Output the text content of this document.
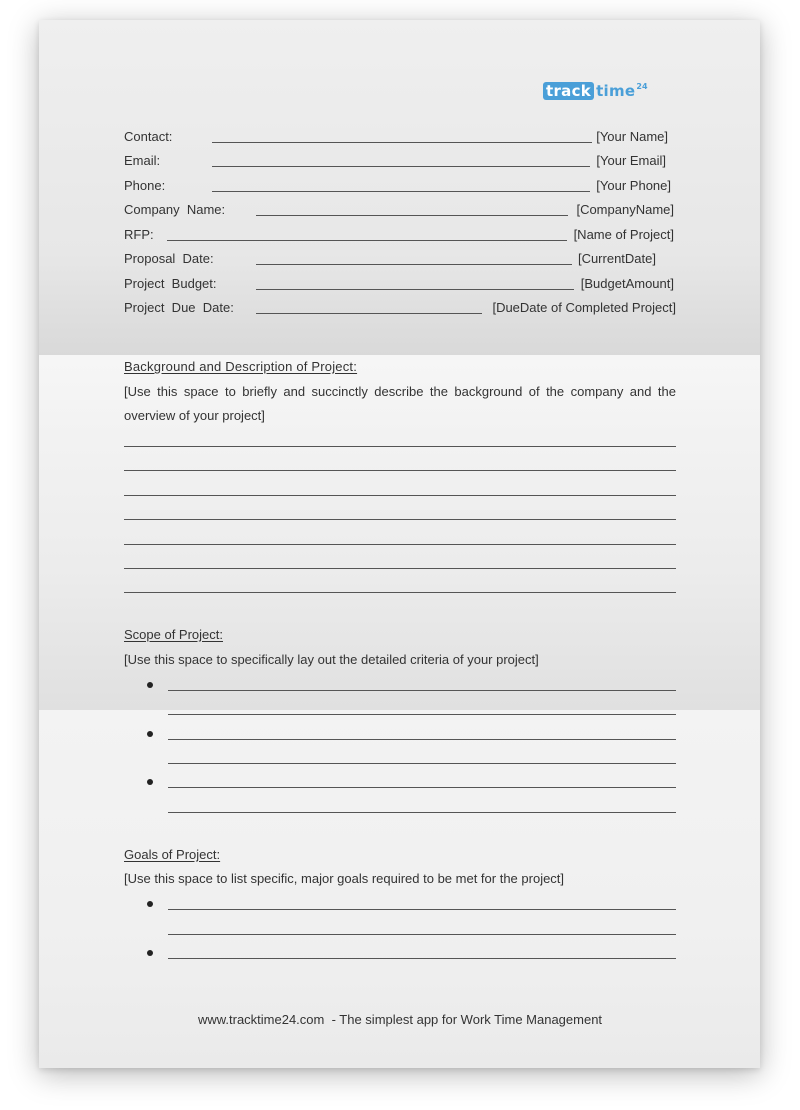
track time 24
Contact:	[Your Name]
Email:	[Your Email]
Phone:	[Your Phone]
Company  Name:	[CompanyName]
RFP:	[Name of Project]
Proposal  Date:	[CurrentDate]
Project  Budget:	[BudgetAmount]
Project  Due  Date:	[DueDate of Completed Project]
Background and Description of Project:
[Use this space to briefly and succinctly describe the background of the company and the
overview of your project]
Scope of Project:
[Use this space to specifically lay out the detailed criteria of your project]
Goals of Project:
[Use this space to list specific, major goals required to be met for the project]
www.tracktime24.com  - The simplest app for Work Time Management
